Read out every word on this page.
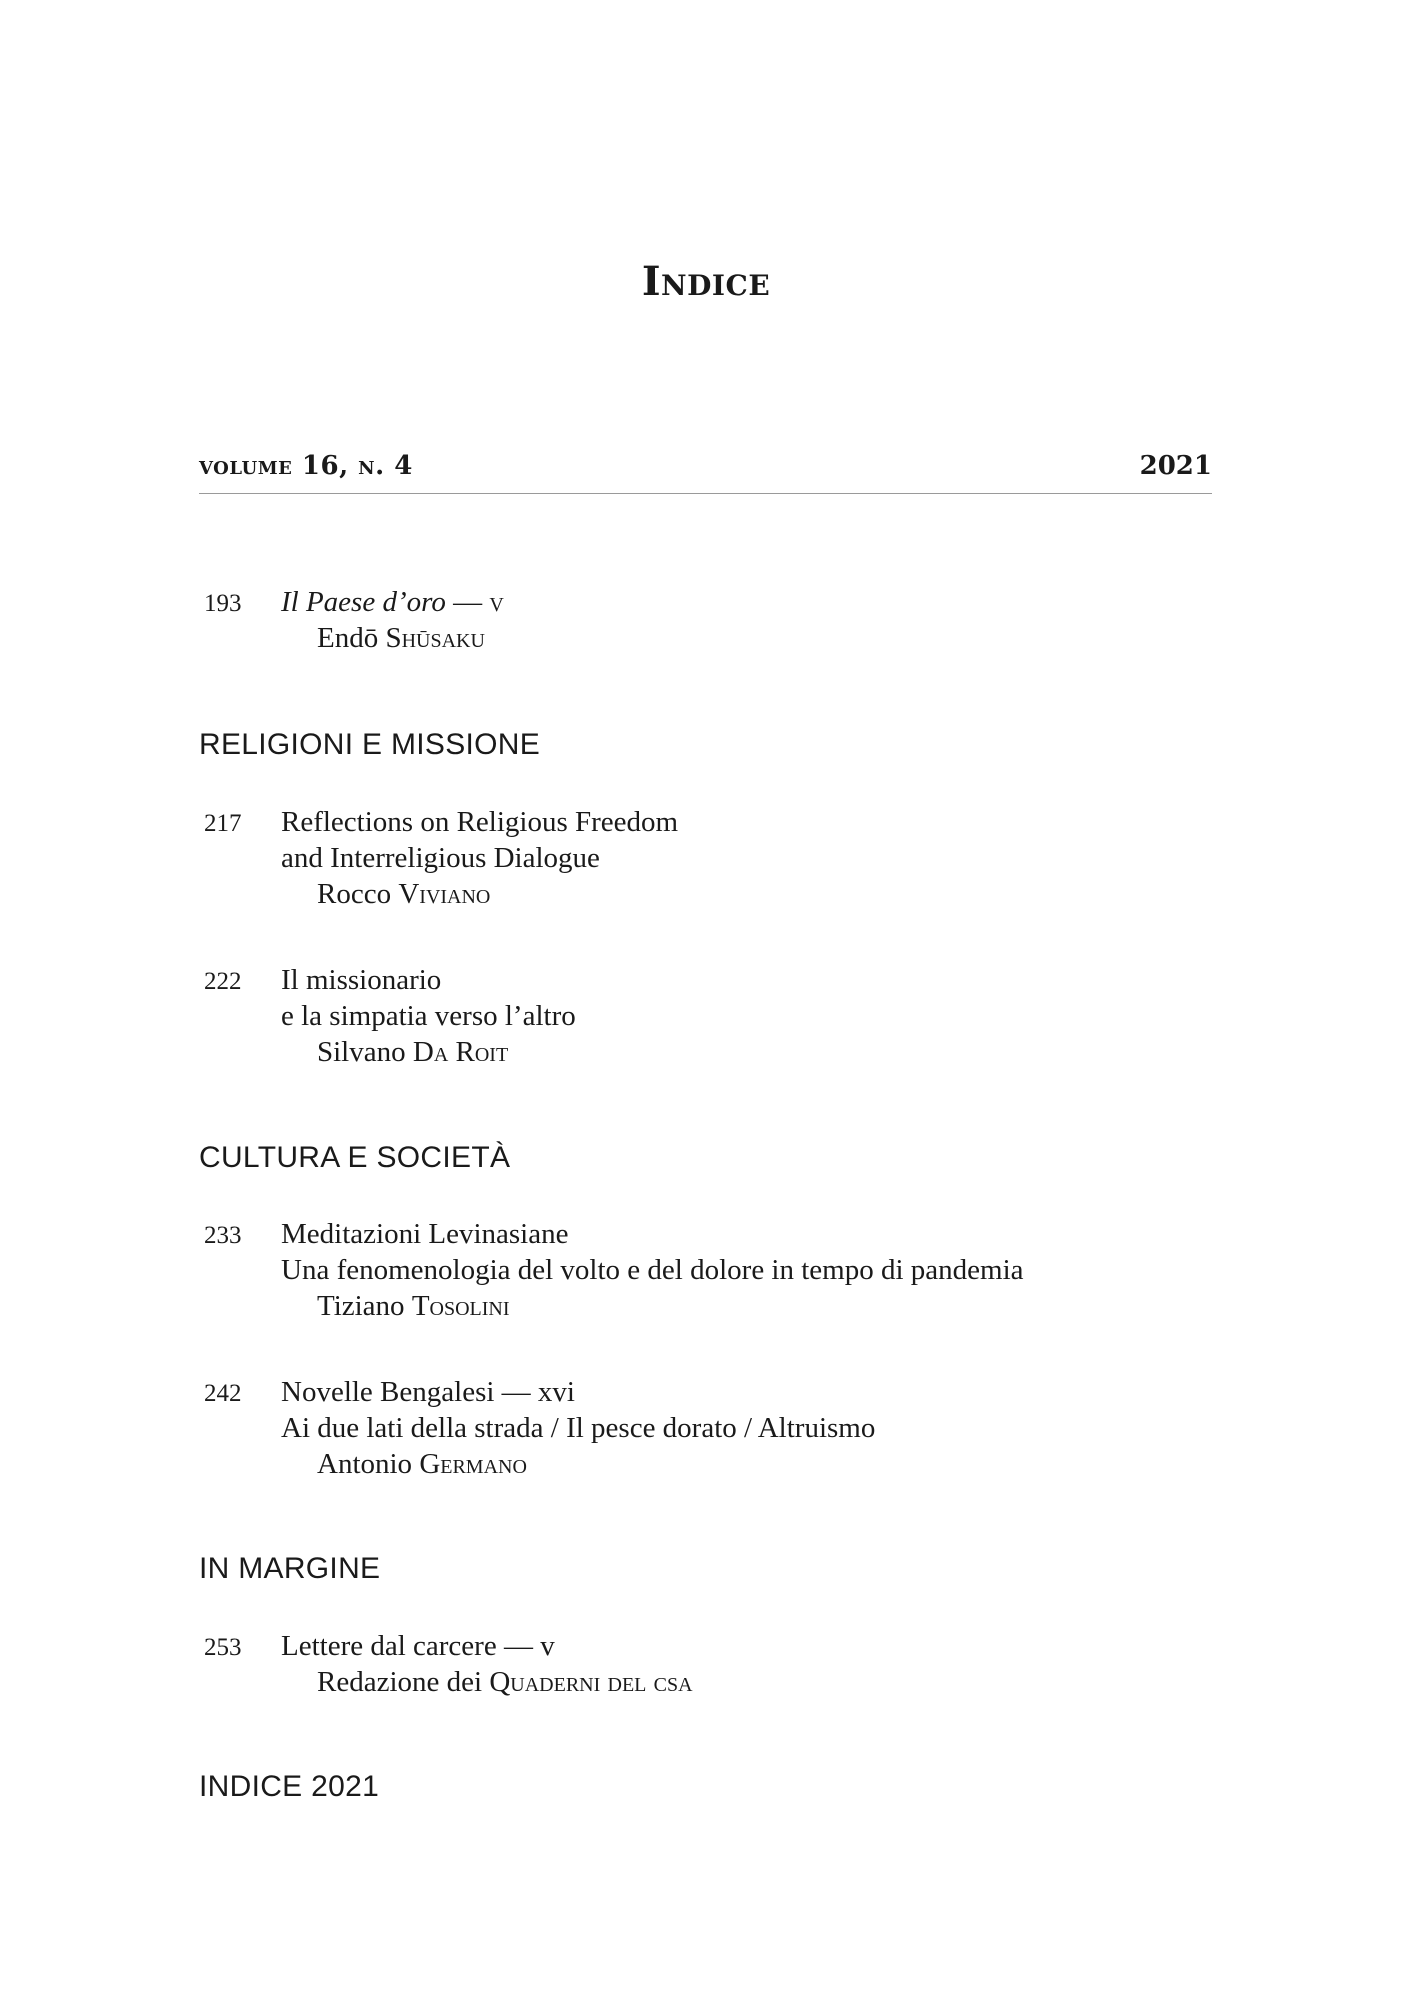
Indice
volume 16, n. 4	2021
193	Il Paese d’oro — v
Endō Shūsaku
RELIGIONI E MISSIONE
217	Reflections on Religious Freedom
and Interreligious Dialogue
Rocco Viviano
222	Il missionario
e la simpatia verso l’altro
Silvano Da Roit
CULTURA E SOCIETÀ
233	Meditazioni Levinasiane
Una fenomenologia del volto e del dolore in tempo di pandemia
Tiziano Tosolini
242	Novelle Bengalesi — xvi
Ai due lati della strada / Il pesce dorato / Altruismo
Antonio Germano
IN MARGINE
253	Lettere dal carcere — v
Redazione dei Quaderni del csa
INDICE 2021
